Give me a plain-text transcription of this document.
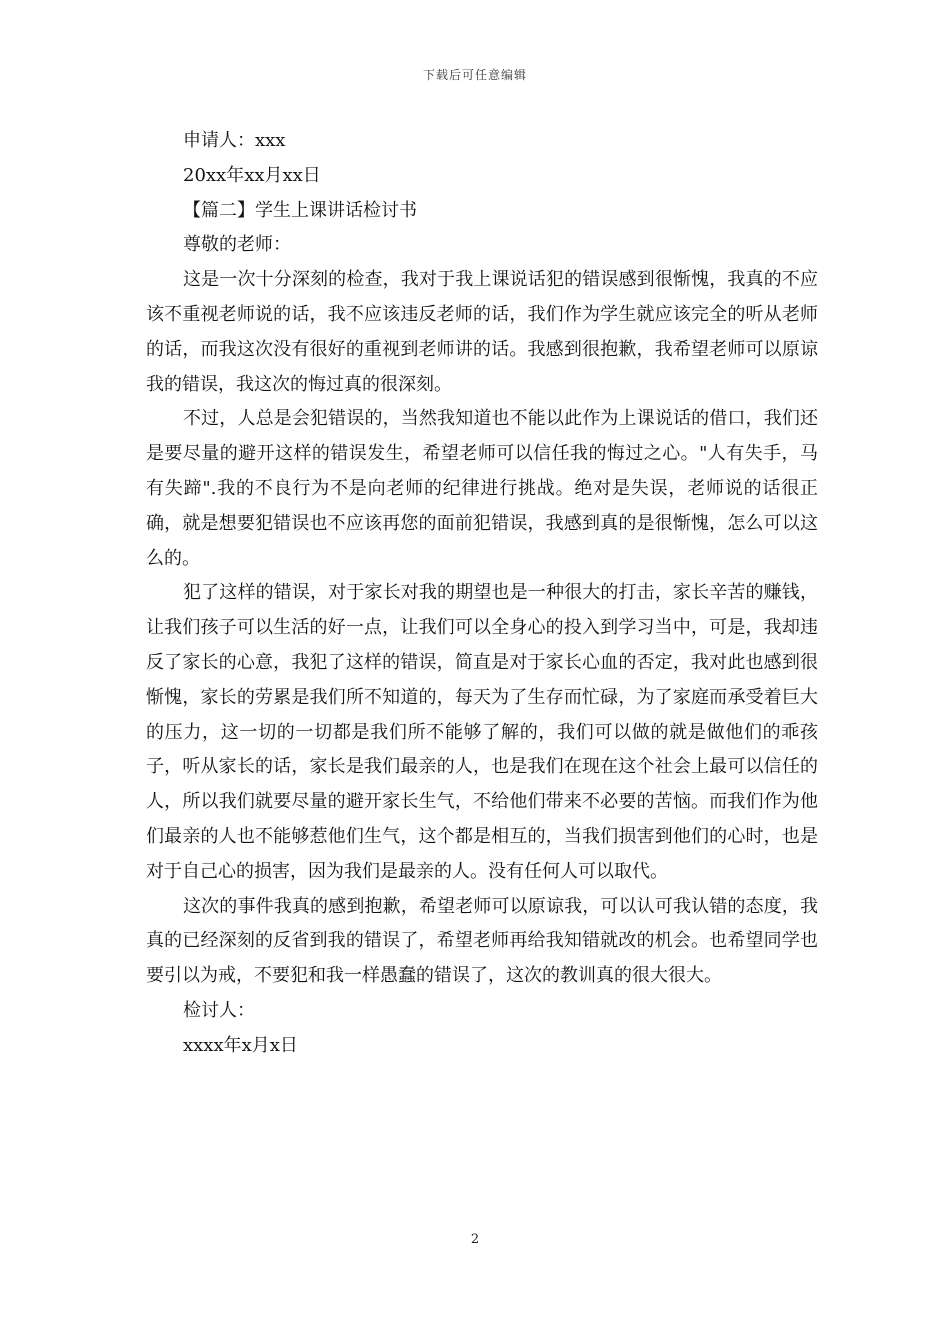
下载后可任意编辑

申请人：xxx

20xx年xx月xx日

【篇二】学生上课讲话检讨书

尊敬的老师：

这是一次十分深刻的检查，我对于我上课说话犯的错误感到很惭愧，我真的不应该不重视老师说的话，我不应该违反老师的话，我们作为学生就应该完全的听从老师的话，而我这次没有很好的重视到老师讲的话。我感到很抱歉，我希望老师可以原谅我的错误，我这次的悔过真的很深刻。

不过，人总是会犯错误的，当然我知道也不能以此作为上课说话的借口，我们还是要尽量的避开这样的错误发生，希望老师可以信任我的悔过之心。"人有失手，马有失蹄".我的不良行为不是向老师的纪律进行挑战。绝对是失误，老师说的话很正确，就是想要犯错误也不应该再您的面前犯错误，我感到真的是很惭愧，怎么可以这么的。

犯了这样的错误，对于家长对我的期望也是一种很大的打击，家长辛苦的赚钱，让我们孩子可以生活的好一点，让我们可以全身心的投入到学习当中，可是，我却违反了家长的心意，我犯了这样的错误，简直是对于家长心血的否定，我对此也感到很惭愧，家长的劳累是我们所不知道的，每天为了生存而忙碌，为了家庭而承受着巨大的压力，这一切的一切都是我们所不能够了解的，我们可以做的就是做他们的乖孩子，听从家长的话，家长是我们最亲的人，也是我们在现在这个社会上最可以信任的人，所以我们就要尽量的避开家长生气，不给他们带来不必要的苦恼。而我们作为他们最亲的人也不能够惹他们生气，这个都是相互的，当我们损害到他们的心时，也是对于自己心的损害，因为我们是最亲的人。没有任何人可以取代。

这次的事件我真的感到抱歉，希望老师可以原谅我，可以认可我认错的态度，我真的已经深刻的反省到我的错误了，希望老师再给我知错就改的机会。也希望同学也要引以为戒，不要犯和我一样愚蠢的错误了，这次的教训真的很大很大。

检讨人：

xxxx年x月x日

2
